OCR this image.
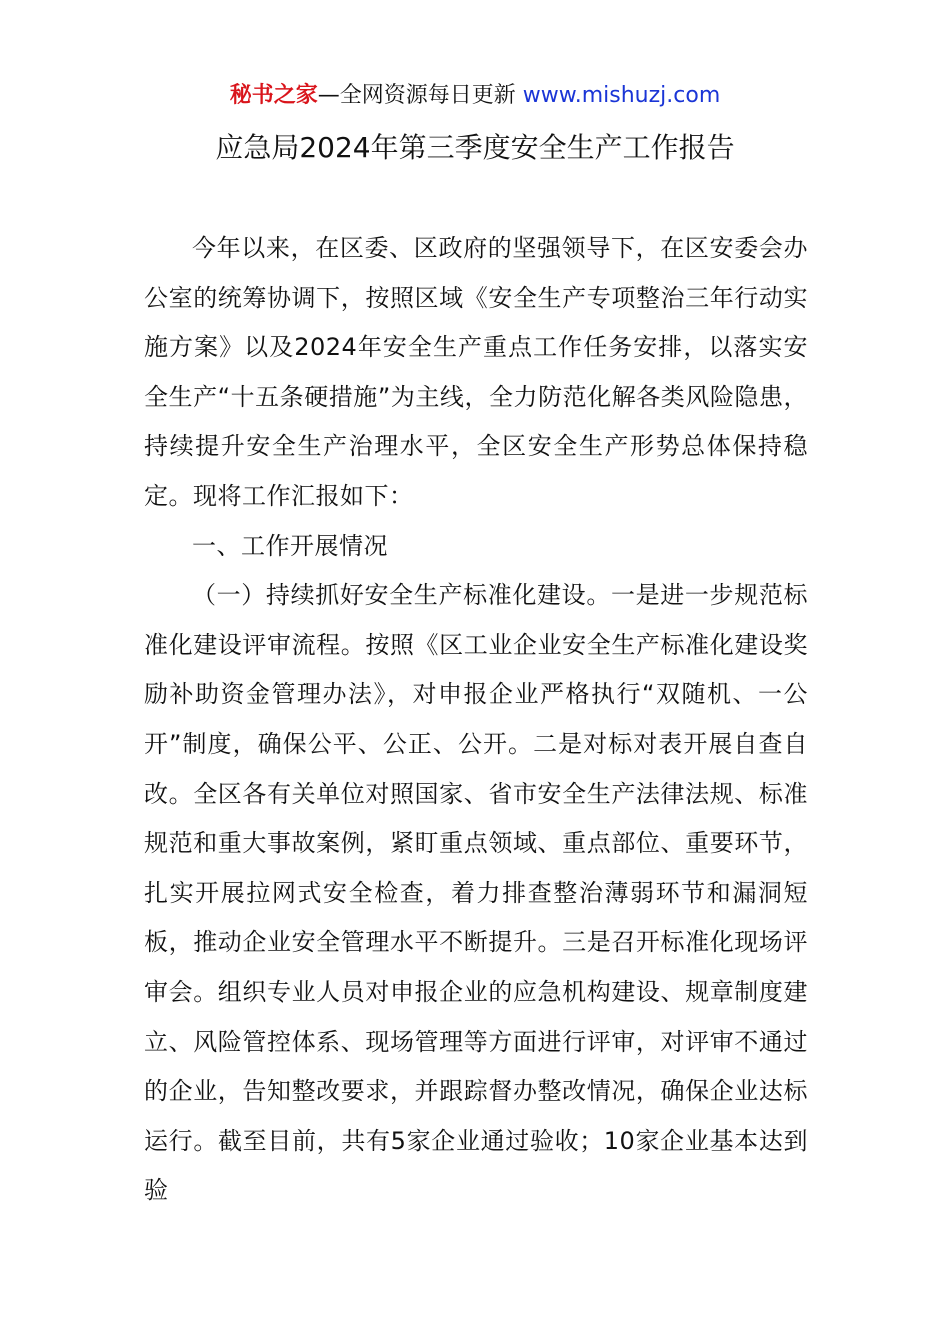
秘书之家—全网资源每日更新 www.mishuzj.com
应急局2024年第三季度安全生产工作报告

今年以来，在区委、区政府的坚强领导下，在区安委会办公室的统筹协调下，按照区域《安全生产专项整治三年行动实施方案》以及2024年安全生产重点工作任务安排，以落实安全生产“十五条硬措施”为主线，全力防范化解各类风险隐患，持续提升安全生产治理水平，全区安全生产形势总体保持稳定。现将工作汇报如下：

一、工作开展情况

（一）持续抓好安全生产标准化建设。一是进一步规范标准化建设评审流程。按照《区工业企业安全生产标准化建设奖励补助资金管理办法》，对申报企业严格执行“双随机、一公开”制度，确保公平、公正、公开。二是对标对表开展自查自改。全区各有关单位对照国家、省市安全生产法律法规、标准规范和重大事故案例，紧盯重点领域、重点部位、重要环节，扎实开展拉网式安全检查，着力排查整治薄弱环节和漏洞短板，推动企业安全管理水平不断提升。三是召开标准化现场评审会。组织专业人员对申报企业的应急机构建设、规章制度建立、风险管控体系、现场管理等方面进行评审，对评审不通过的企业，告知整改要求，并跟踪督办整改情况，确保企业达标运行。截至目前，共有5家企业通过验收；10家企业基本达到验
